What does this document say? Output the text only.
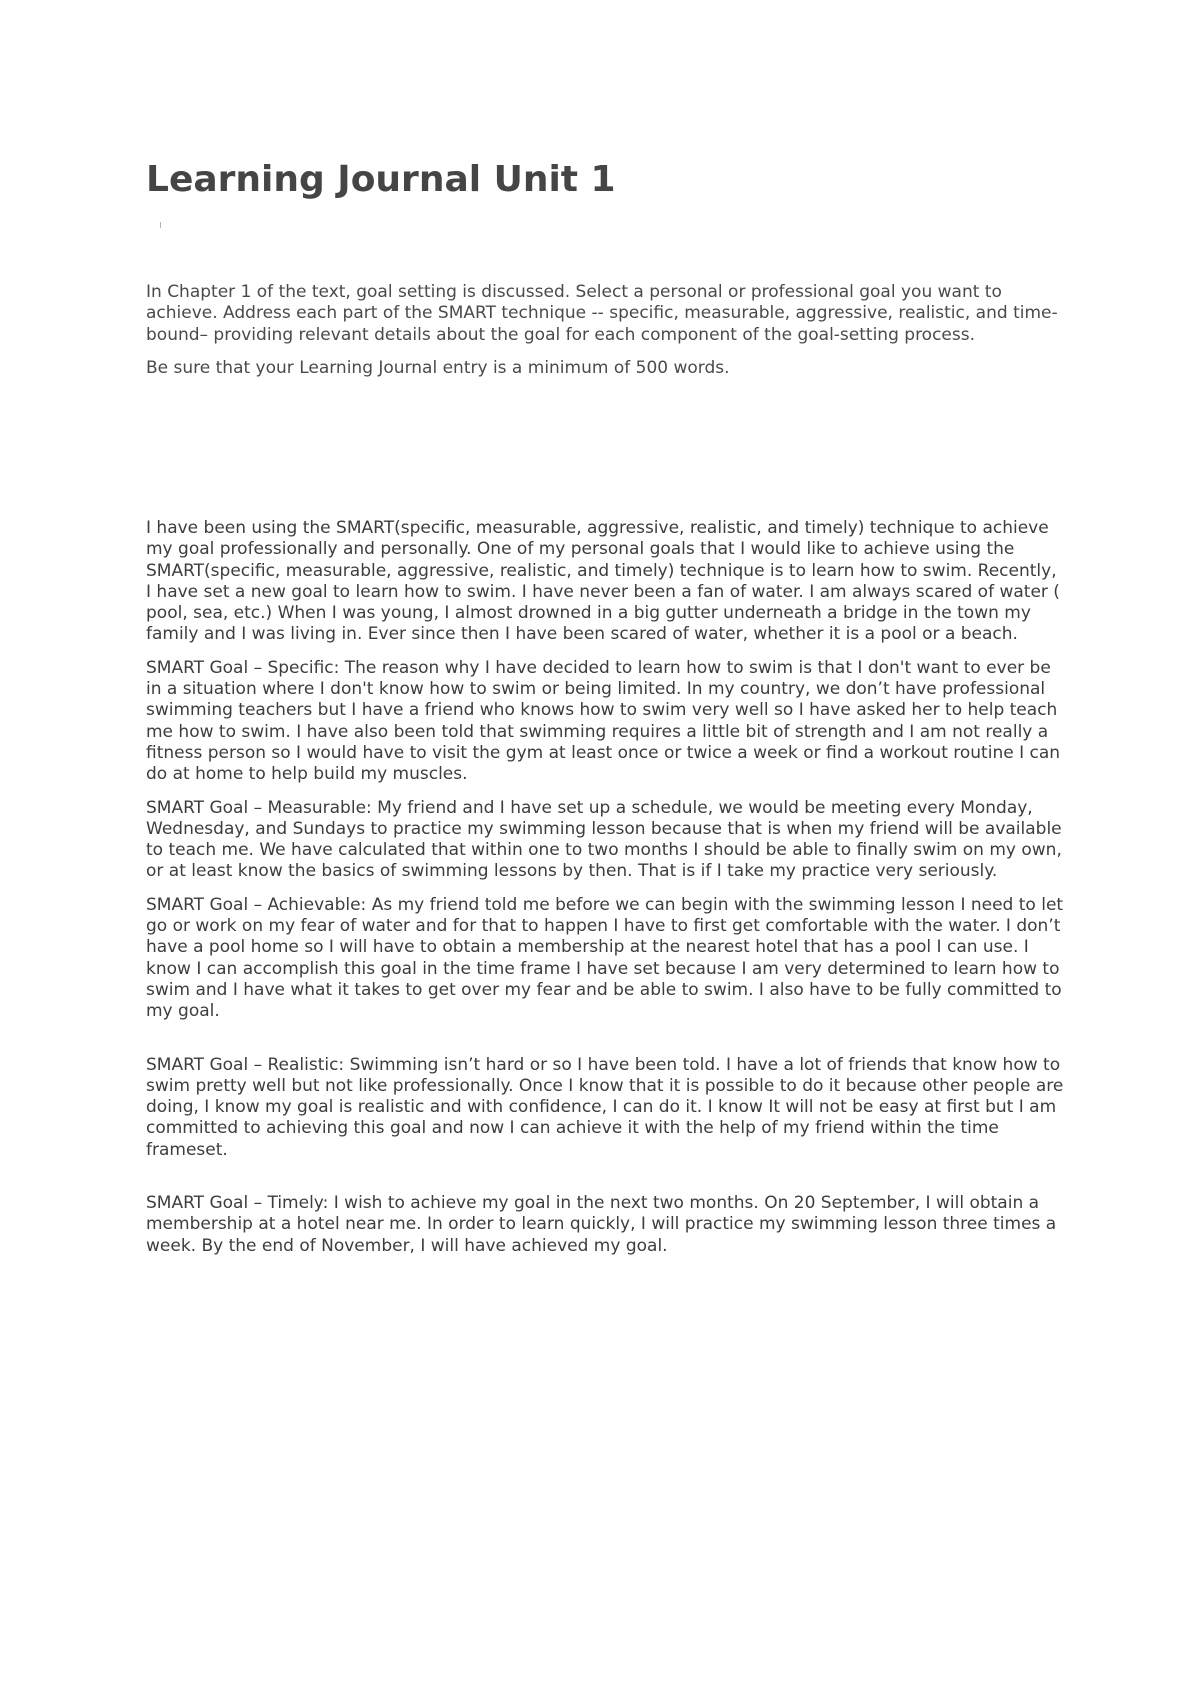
Learning Journal Unit 1

In Chapter 1 of the text, goal setting is discussed. Select a personal or professional goal you want to achieve. Address each part of the SMART technique -- specific, measurable, aggressive, realistic, and time-bound– providing relevant details about the goal for each component of the goal-setting process.

Be sure that your Learning Journal entry is a minimum of 500 words.

I have been using the SMART(specific, measurable, aggressive, realistic, and timely) technique to achieve my goal professionally and personally. One of my personal goals that I would like to achieve using the SMART(specific, measurable, aggressive, realistic, and timely) technique is to learn how to swim. Recently, I have set a new goal to learn how to swim. I have never been a fan of water. I am always scared of water ( pool, sea, etc.) When I was young, I almost drowned in a big gutter underneath a bridge in the town my family and I was living in. Ever since then I have been scared of water, whether it is a pool or a beach.

SMART Goal – Specific: The reason why I have decided to learn how to swim is that I don't want to ever be in a situation where I don't know how to swim or being limited. In my country, we don’t have professional swimming teachers but I have a friend who knows how to swim very well so I have asked her to help teach me how to swim. I have also been told that swimming requires a little bit of strength and I am not really a fitness person so I would have to visit the gym at least once or twice a week or find a workout routine I can do at home to help build my muscles.

SMART Goal – Measurable: My friend and I have set up a schedule, we would be meeting every Monday, Wednesday, and Sundays to practice my swimming lesson because that is when my friend will be available to teach me. We have calculated that within one to two months I should be able to finally swim on my own, or at least know the basics of swimming lessons by then. That is if I take my practice very seriously.

SMART Goal – Achievable: As my friend told me before we can begin with the swimming lesson I need to let go or work on my fear of water and for that to happen I have to first get comfortable with the water. I don’t have a pool home so I will have to obtain a membership at the nearest hotel that has a pool I can use. I know I can accomplish this goal in the time frame I have set because I am very determined to learn how to swim and I have what it takes to get over my fear and be able to swim. I also have to be fully committed to my goal.

SMART Goal – Realistic: Swimming isn’t hard or so I have been told. I have a lot of friends that know how to swim pretty well but not like professionally. Once I know that it is possible to do it because other people are doing, I know my goal is realistic and with confidence, I can do it. I know It will not be easy at first but I am committed to achieving this goal and now I can achieve it with the help of my friend within the time frameset.

SMART Goal – Timely: I wish to achieve my goal in the next two months. On 20 September, I will obtain a membership at a hotel near me. In order to learn quickly, I will practice my swimming lesson three times a week. By the end of November, I will have achieved my goal.
